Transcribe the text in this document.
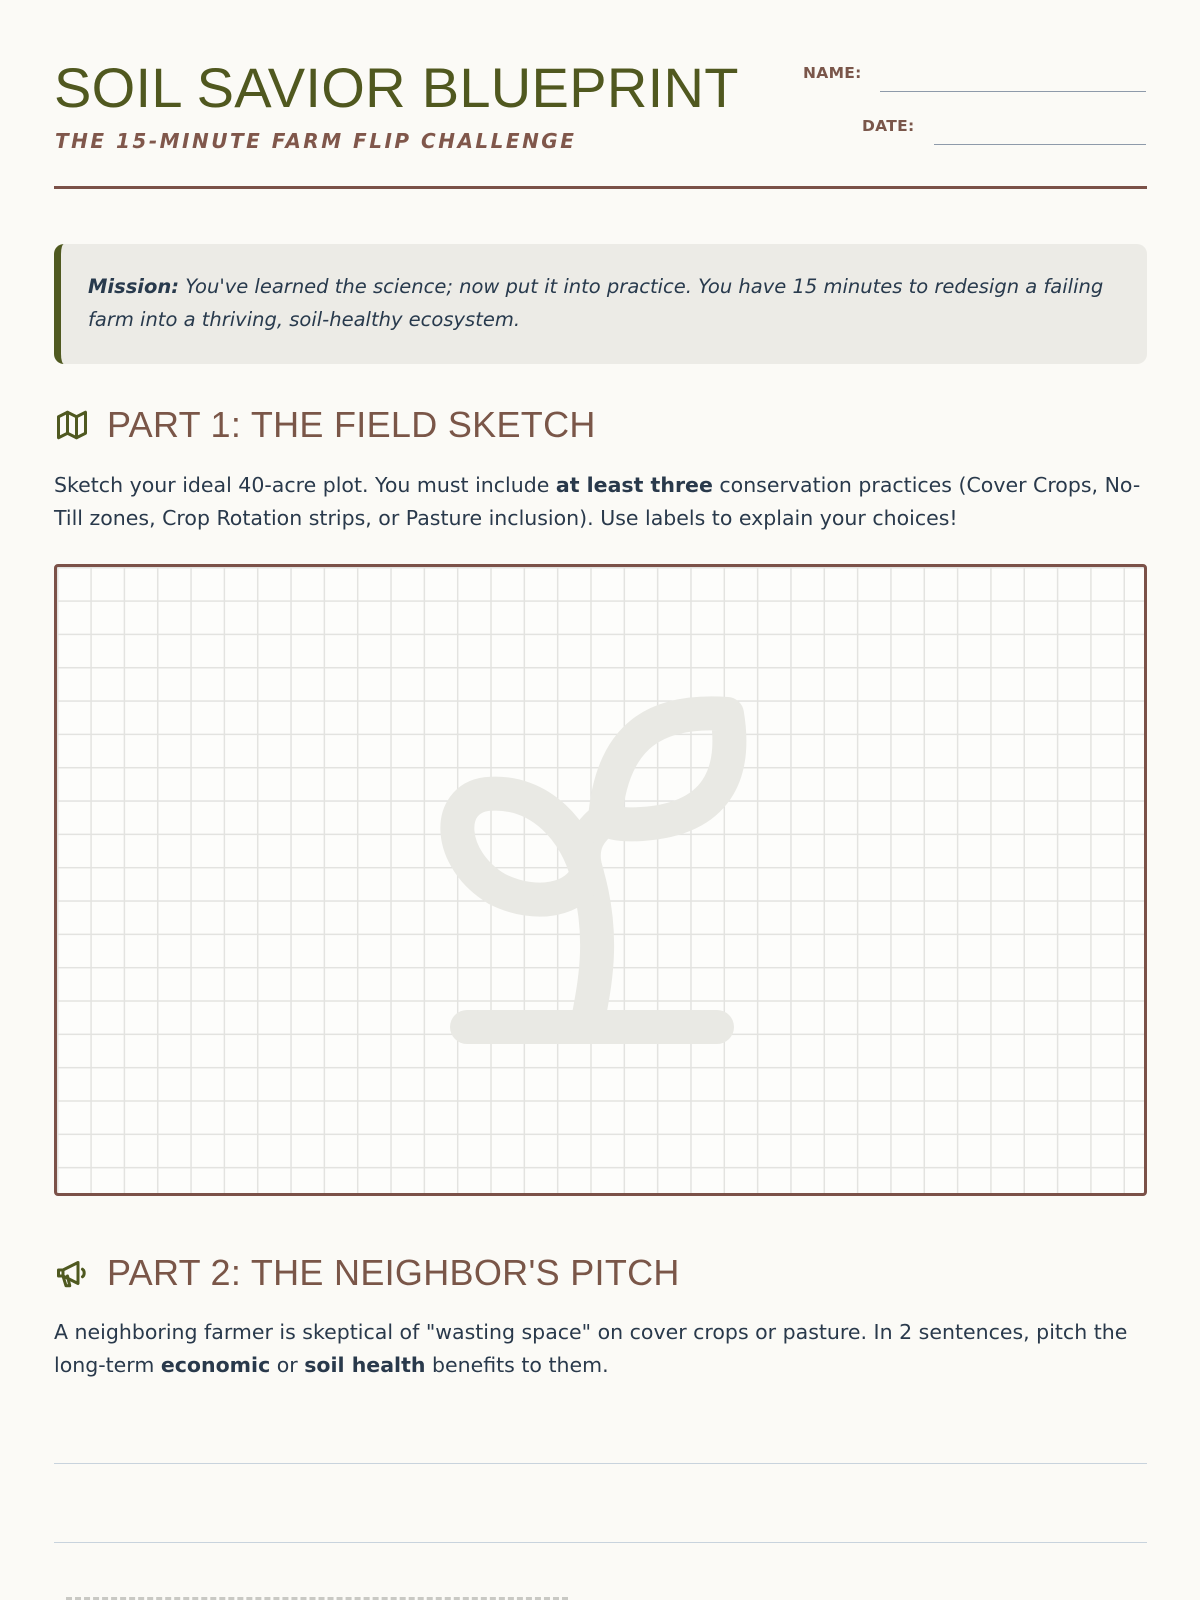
SOIL SAVIOR BLUEPRINT
THE 15-MINUTE FARM FLIP CHALLENGE
NAME:
DATE:
Mission: You've learned the science; now put it into practice. You have 15 minutes to redesign a failing farm into a thriving, soil-healthy ecosystem.
PART 1: THE FIELD SKETCH

Sketch your ideal 40-acre plot. You must include at least three conservation practices (Cover Crops, No-Till zones, Crop Rotation strips, or Pasture inclusion). Use labels to explain your choices!

PART 2: THE NEIGHBOR'S PITCH

A neighboring farmer is skeptical of "wasting space" on cover crops or pasture. In 2 sentences, pitch the long-term economic or soil health benefits to them.
